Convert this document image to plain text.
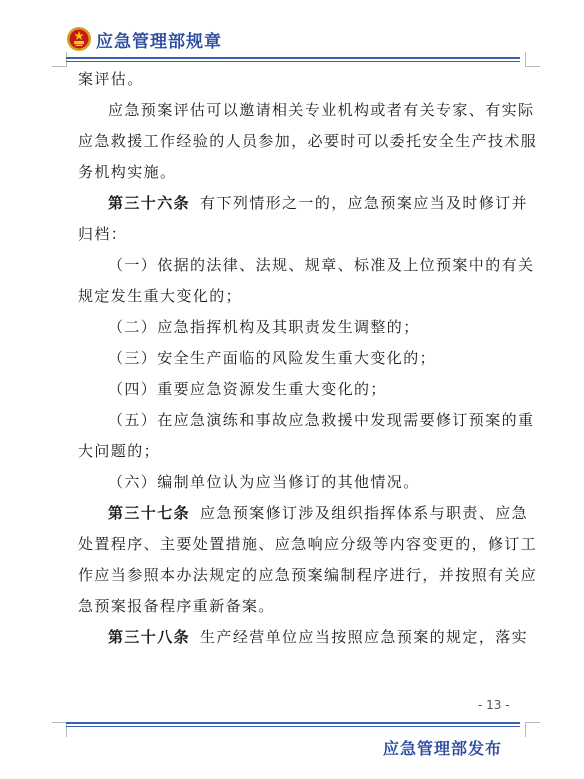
应急管理部规章
案评估。
应急预案评估可以邀请相关专业机构或者有关专家、有实际
应急救援工作经验的人员参加，必要时可以委托安全生产技术服
务机构实施。
第三十六条 有下列情形之一的，应急预案应当及时修订并
归档：
（一）依据的法律、法规、规章、标准及上位预案中的有关
规定发生重大变化的；
（二）应急指挥机构及其职责发生调整的；
（三）安全生产面临的风险发生重大变化的；
（四）重要应急资源发生重大变化的；
（五）在应急演练和事故应急救援中发现需要修订预案的重
大问题的；
（六）编制单位认为应当修订的其他情况。
第三十七条 应急预案修订涉及组织指挥体系与职责、应急
处置程序、主要处置措施、应急响应分级等内容变更的，修订工
作应当参照本办法规定的应急预案编制程序进行，并按照有关应
急预案报备程序重新备案。
第三十八条 生产经营单位应当按照应急预案的规定，落实
- 13 -
应急管理部发布
